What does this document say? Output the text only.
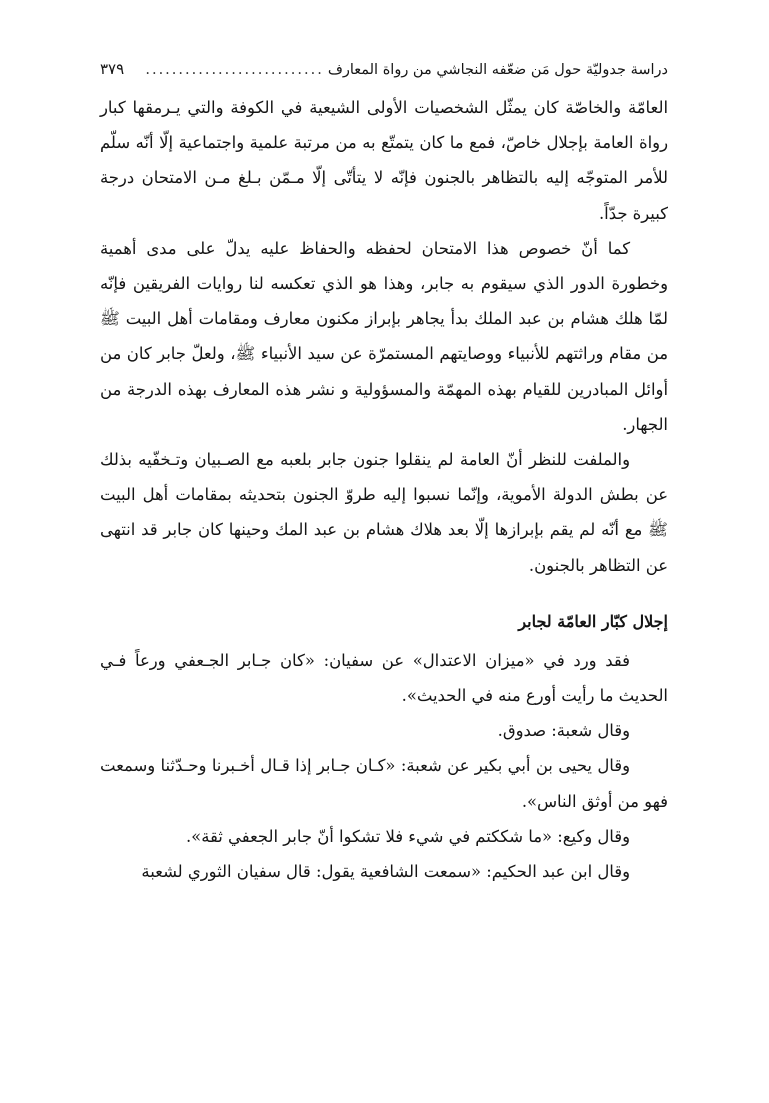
دراسة جدوليّة حول مَن ضعّفه النجاشي من رواة المعارف
...........................
٣٧٩

العامّة والخاصّة كان يمثّل الشخصيات الأولى الشيعية في الكوفة والتي يـرمقها كبار رواة العامة بإجلال خاصّ، فمع ما كان يتمتّع به من مرتبة علمية واجتماعية إلّا أنّه سلّم للأمر المتوجّه إليه بالتظاهر بالجنون فإنّه لا يتأتّى إلّا مـمّن بـلغ مـن الامتحان درجة كبيرة جدّاً.

كما أنّ خصوص هذا الامتحان لحفظه والحفاظ عليه يدلّ على مدى أهمية وخطورة الدور الذي سيقوم به جابر، وهذا هو الذي تعكسه لنا روايات الفريقين فإنّه لمّا هلك هشام بن عبد الملك بدأ يجاهر بإبراز مكنون معارف ومقامات أهل البيت ﷺ من مقام وراثتهم للأنبياء ووصايتهم المستمرّة عن سيد الأنبياء ﷺ، ولعلّ جابر كان من أوائل المبادرين للقيام بهذه المهمّة والمسؤولية و نشر هذه المعارف بهذه الدرجة من الجهار.

والملفت للنظر أنّ العامة لم ينقلوا جنون جابر بلعبه مع الصـبيان وتـخفّيه بذلك عن بطش الدولة الأموية، وإنّما نسبوا إليه طروّ الجنون بتحديثه بمقامات أهل البيت ﷺ مع أنّه لم يقم بإبرازها إلّا بعد هلاك هشام بن عبد المك وحينها كان جابر قد انتهى عن التظاهر بالجنون.

إجلال كبّار العامّة لجابر

فقد ورد في «ميزان الاعتدال» عن سفيان: «كان جـابر الجـعفي ورعاً فـي الحديث ما رأيت أورع منه في الحديث».

وقال شعبة: صدوق.

وقال يحيى بن أبي بكير عن شعبة: «كـان جـابر إذا قـال أخـبرنا وحـدّثنا وسمعت فهو من أوثق الناس».

وقال وكيع: «ما شككتم في شيء فلا تشكوا أنّ جابر الجعفي ثقة».

وقال ابن عبد الحكيم: «سمعت الشافعية يقول: قال سفيان الثوري لشعبة
